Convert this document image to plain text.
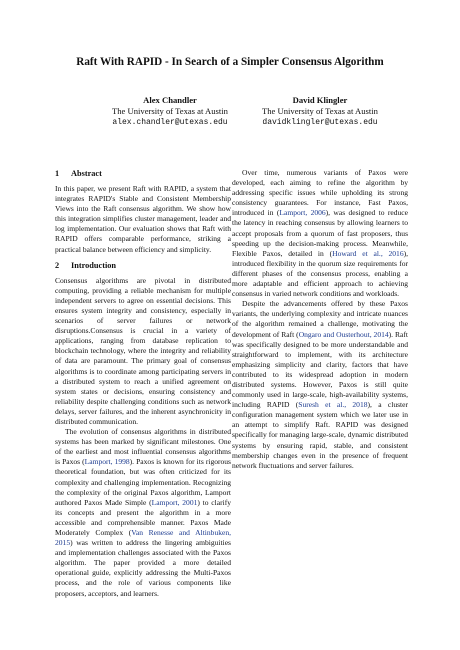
Raft With RAPID - In Search of a Simpler Consensus Algorithm
Alex Chandler
The University of Texas at Austin
alex.chandler@utexas.edu
David Klingler
The University of Texas at Austin
davidklingler@utexas.edu
1 Abstract

In this paper, we present Raft with RAPID, a system that integrates RAPID's Stable and Consistent Membership Views into the Raft consensus algorithm. We show how this integration simplifies cluster management, leader and log implementation. Our evaluation shows that Raft with RAPID offers comparable performance, striking a practical balance between efficiency and simplicity.

2 Introduction

Consensus algorithms are pivotal in distributed computing, providing a reliable mechanism for multiple independent servers to agree on essential decisions. This ensures system integrity and consistency, especially in scenarios of server failures or network disruptions.Consensus is crucial in a variety of applications, ranging from database replication to blockchain technology, where the integrity and reliability of data are paramount. The primary goal of consensus algorithms is to coordinate among participating servers in a distributed system to reach a unified agreement on system states or decisions, ensuring consistency and reliability despite challenging conditions such as network delays, server failures, and the inherent asynchronicity in distributed communication.

The evolution of consensus algorithms in distributed systems has been marked by significant milestones. One of the earliest and most influential consensus algorithms is Paxos (Lamport, 1998). Paxos is known for its rigorous theoretical foundation, but was often criticized for its complexity and challenging implementation. Recognizing the complexity of the original Paxos algorithm, Lamport authored Paxos Made Simple (Lamport, 2001) to clarify its concepts and present the algorithm in a more accessible and comprehensible manner. Paxos Made Moderately Complex (Van Renesse and Altinbuken, 2015) was written to address the lingering ambiguities and implementation challenges associated with the Paxos algorithm. The paper provided a more detailed operational guide, explicitly addressing the Multi-Paxos process, and the role of various components like proposers, acceptors, and learners.

Over time, numerous variants of Paxos were developed, each aiming to refine the algorithm by addressing specific issues while upholding its strong consistency guarantees. For instance, Fast Paxos, introduced in (Lamport, 2006), was designed to reduce the latency in reaching consensus by allowing learners to accept proposals from a quorum of fast proposers, thus speeding up the decision-making process. Meanwhile, Flexible Paxos, detailed in (Howard et al., 2016), introduced flexibility in the quorum size requirements for different phases of the consensus process, enabling a more adaptable and efficient approach to achieving consensus in varied network conditions and workloads.

Despite the advancements offered by these Paxos variants, the underlying complexity and intricate nuances of the algorithm remained a challenge, motivating the development of Raft (Ongaro and Ousterhout, 2014). Raft was specifically designed to be more understandable and straightforward to implement, with its architecture emphasizing simplicity and clarity, factors that have contributed to its widespread adoption in modern distributed systems. However, Paxos is still quite commonly used in large-scale, high-availability systems, including RAPID (Suresh et al., 2018), a cluster configuration management system which we later use in an attempt to simplify Raft. RAPID was designed specifically for managing large-scale, dynamic distributed systems by ensuring rapid, stable, and consistent membership changes even in the presence of frequent network fluctuations and server failures.
